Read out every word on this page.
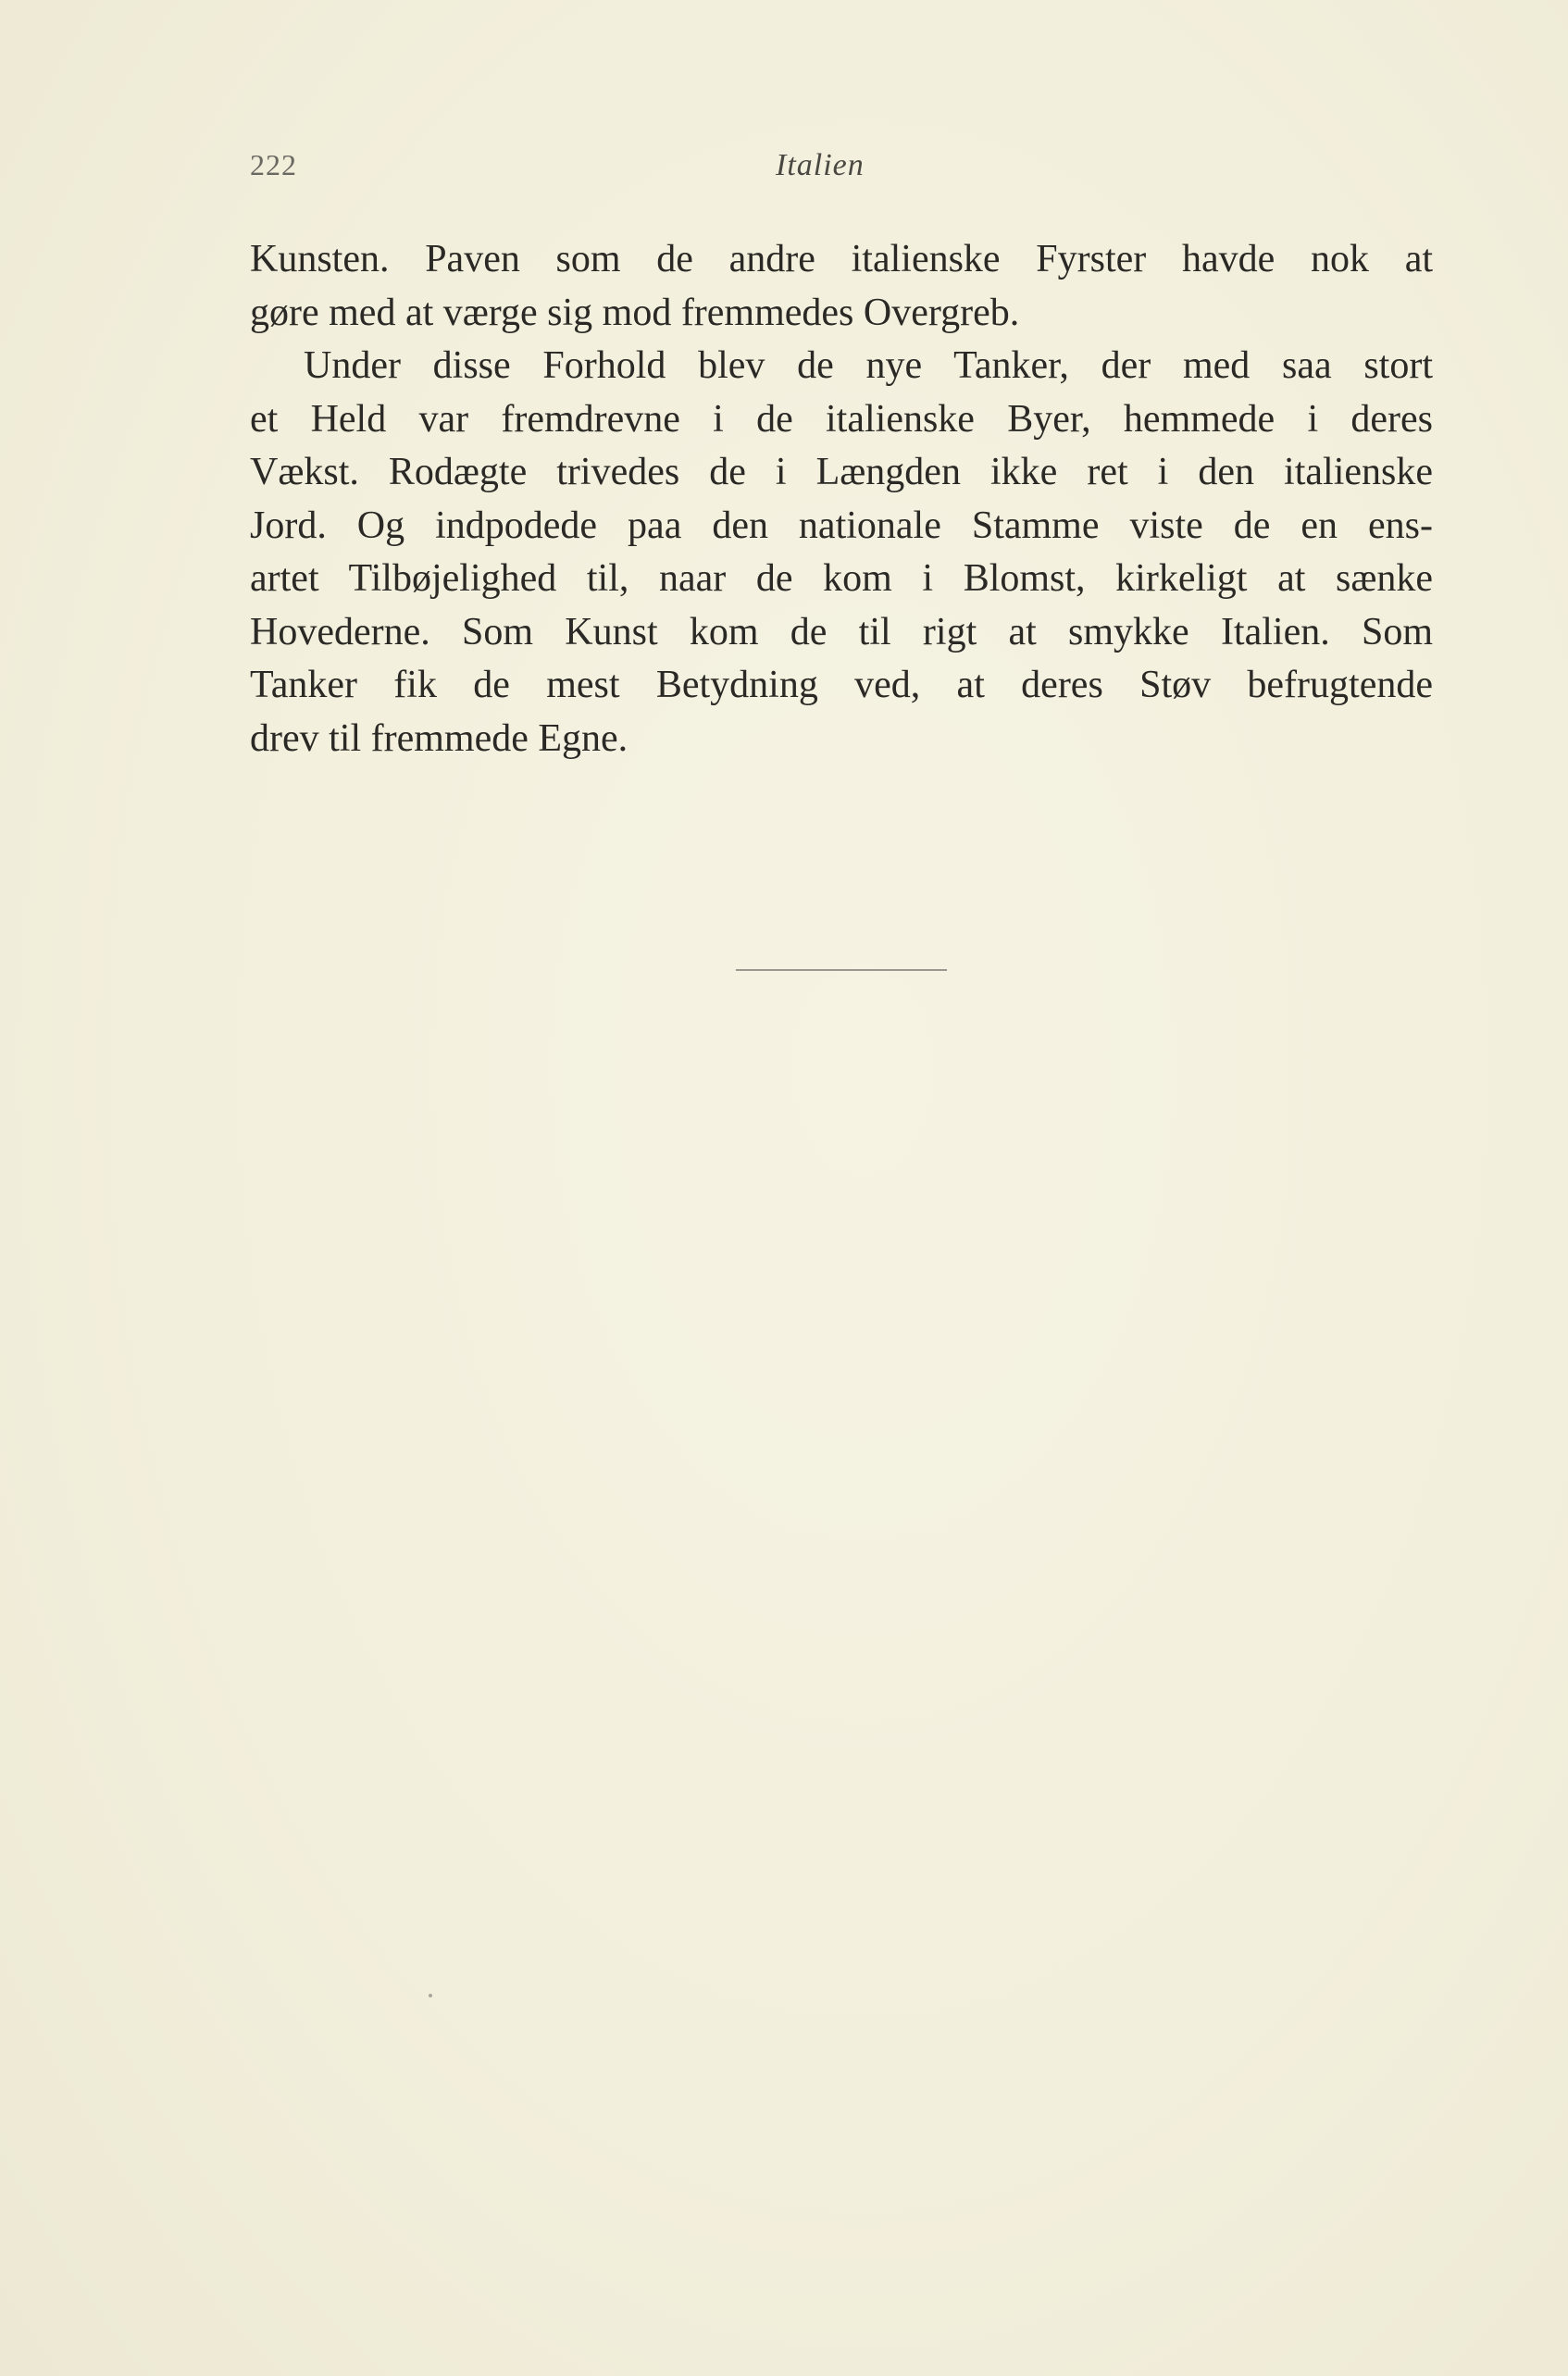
222	Italien
Kunsten. Paven som de andre italienske Fyrster havde nok at
gøre med at værge sig mod fremmedes Overgreb.
Under disse Forhold blev de nye Tanker, der med saa stort
et Held var fremdrevne i de italienske Byer, hemmede i deres
Vækst. Rodægte trivedes de i Længden ikke ret i den italienske
Jord. Og indpodede paa den nationale Stamme viste de en ens-
artet Tilbøjelighed til, naar de kom i Blomst, kirkeligt at sænke
Hovederne. Som Kunst kom de til rigt at smykke Italien. Som
Tanker fik de mest Betydning ved, at deres Støv befrugtende
drev til fremmede Egne.
